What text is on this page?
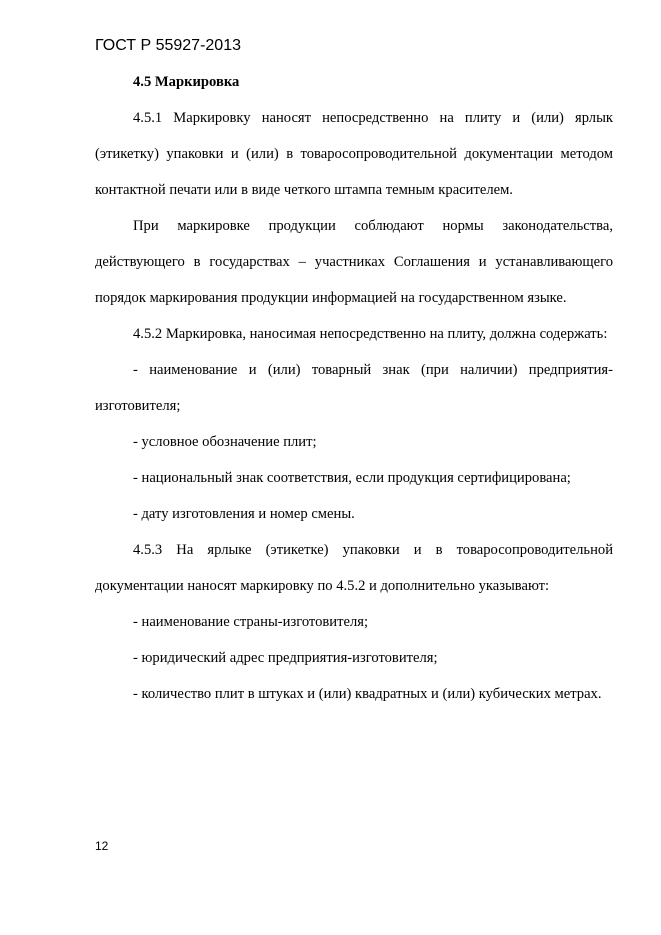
ГОСТ Р 55927-2013

4.5 Маркировка

4.5.1 Маркировку наносят непосредственно на плиту и (или) ярлык (этикетку) упаковки и (или) в товаросопроводительной документации методом контактной печати или в виде четкого штампа темным красителем.

При маркировке продукции соблюдают нормы законодательства, действующего в государствах – участниках Соглашения и устанавливающего порядок маркирования продукции информацией на государственном языке.

4.5.2 Маркировка, наносимая непосредственно на плиту, должна содержать:

- наименование и (или) товарный знак (при наличии) предприятия-изготовителя;

- условное обозначение плит;

- национальный знак соответствия, если продукция сертифицирована;

- дату изготовления и номер смены.

4.5.3 На ярлыке (этикетке) упаковки и в товаросопроводительной документации наносят маркировку по 4.5.2 и дополнительно указывают:

- наименование страны-изготовителя;

- юридический адрес предприятия-изготовителя;

- количество плит в штуках и (или) квадратных и (или) кубических метрах.

12
